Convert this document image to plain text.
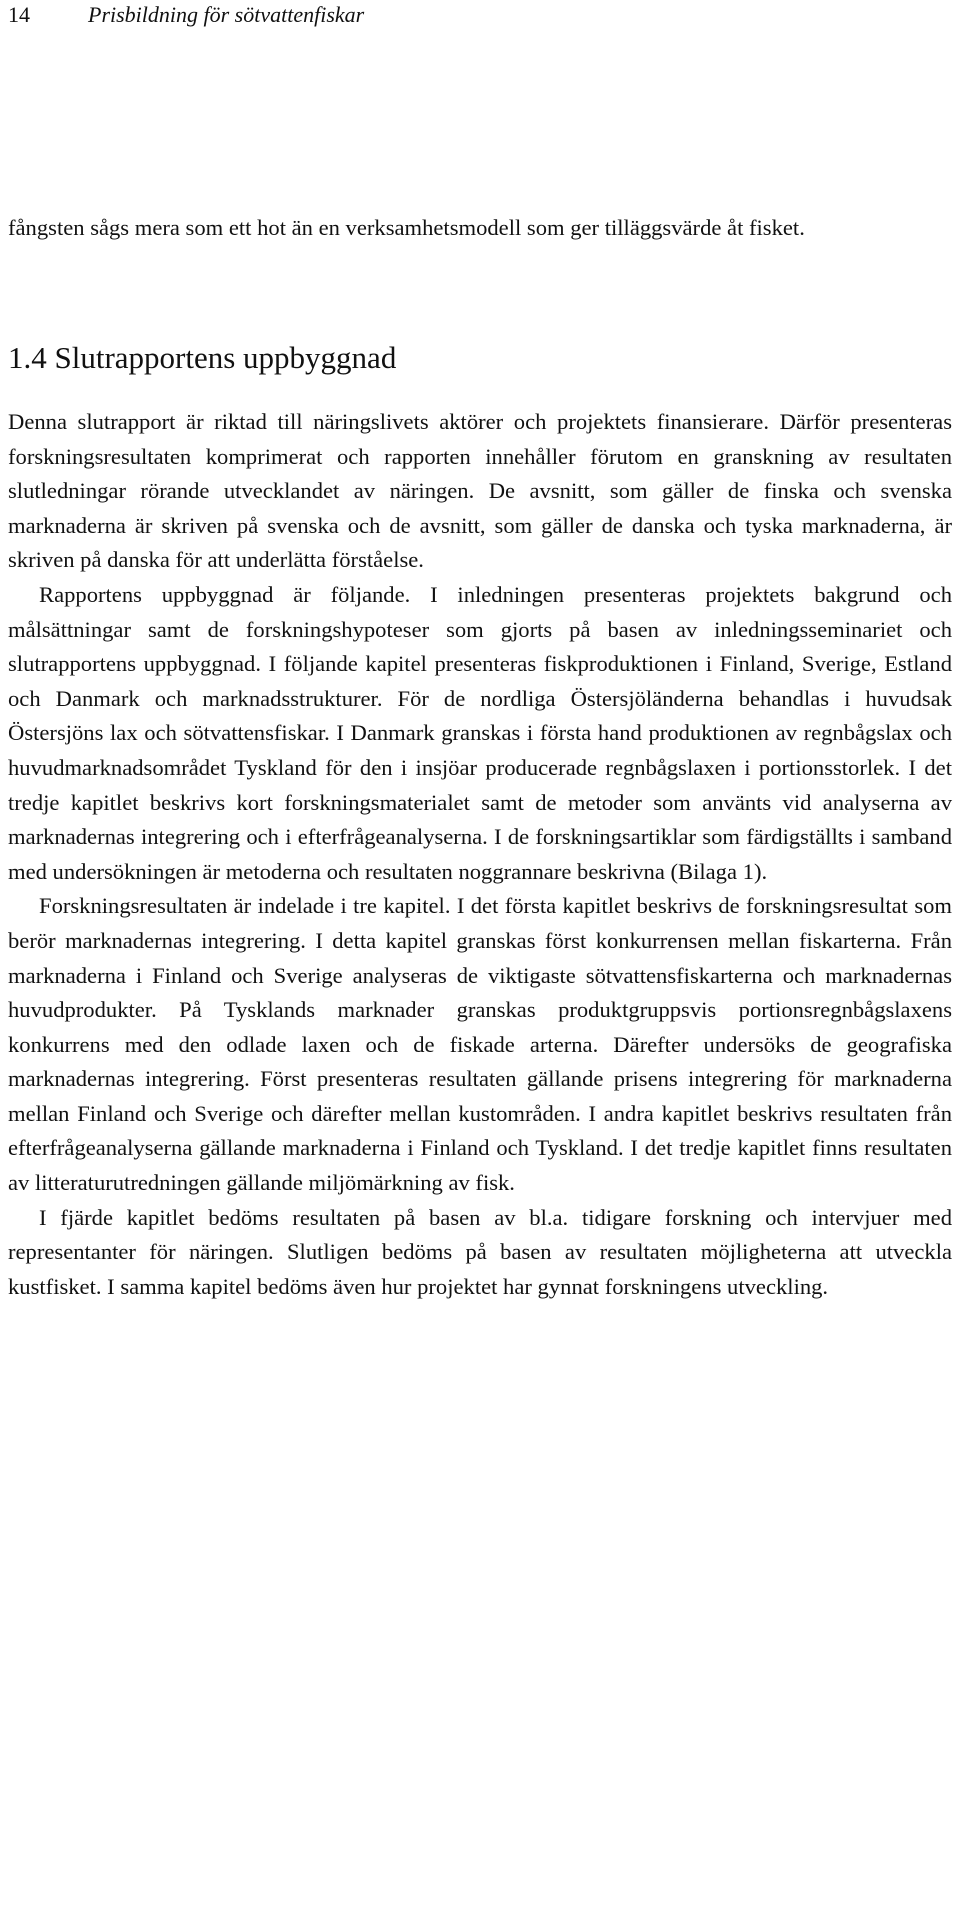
14	Prisbildning för sötvattenfiskar

fångsten sågs mera som ett hot än en verksamhetsmodell som ger tilläggsvärde åt fisket.

1.4 Slutrapportens uppbyggnad

Denna slutrapport är riktad till näringslivets aktörer och projektets finansierare. Därför presenteras forskningsresultaten komprimerat och rapporten innehåller förutom en granskning av resultaten slutledningar rörande utvecklandet av näringen. De avsnitt, som gäller de finska och svenska marknaderna är skriven på svenska och de avsnitt, som gäller de danska och tyska marknaderna, är skriven på danska för att underlätta förståelse.

Rapportens uppbyggnad är följande. I inledningen presenteras projektets bakgrund och målsättningar samt de forskningshypoteser som gjorts på basen av inledningsseminariet och slutrapportens uppbyggnad. I följande kapitel presenteras fiskproduktionen i Finland, Sverige, Estland och Danmark och marknadsstrukturer. För de nordliga Östersjöländerna behandlas i huvudsak Östersjöns lax och sötvattensfiskar. I Danmark granskas i första hand produktionen av regnbågslax och huvudmarknadsområdet Tyskland för den i insjöar producerade regnbågslaxen i portionsstorlek. I det tredje kapitlet beskrivs kort forskningsmaterialet samt de metoder som använts vid analyserna av marknadernas integrering och i efterfrågeanalyserna. I de forskningsartiklar som färdigställts i samband med undersökningen är metoderna och resultaten noggrannare beskrivna (Bilaga 1).

Forskningsresultaten är indelade i tre kapitel. I det första kapitlet beskrivs de forskningsresultat som berör marknadernas integrering. I detta kapitel granskas först konkurrensen mellan fiskarterna. Från marknaderna i Finland och Sverige analyseras de viktigaste sötvattensfiskarterna och marknadernas huvudprodukter. På Tysklands marknader granskas produktgruppsvis portionsregnbågslaxens konkurrens med den odlade laxen och de fiskade arterna. Därefter undersöks de geografiska marknadernas integrering. Först presenteras resultaten gällande prisens integrering för marknaderna mellan Finland och Sverige och därefter mellan kustområden. I andra kapitlet beskrivs resultaten från efterfrågeanalyserna gällande marknaderna i Finland och Tyskland. I det tredje kapitlet finns resultaten av litteraturutredningen gällande miljömärkning av fisk.

I fjärde kapitlet bedöms resultaten på basen av bl.a. tidigare forskning och intervjuer med representanter för näringen. Slutligen bedöms på basen av resultaten möjligheterna att utveckla kustfisket. I samma kapitel bedöms även hur projektet har gynnat forskningens utveckling.
